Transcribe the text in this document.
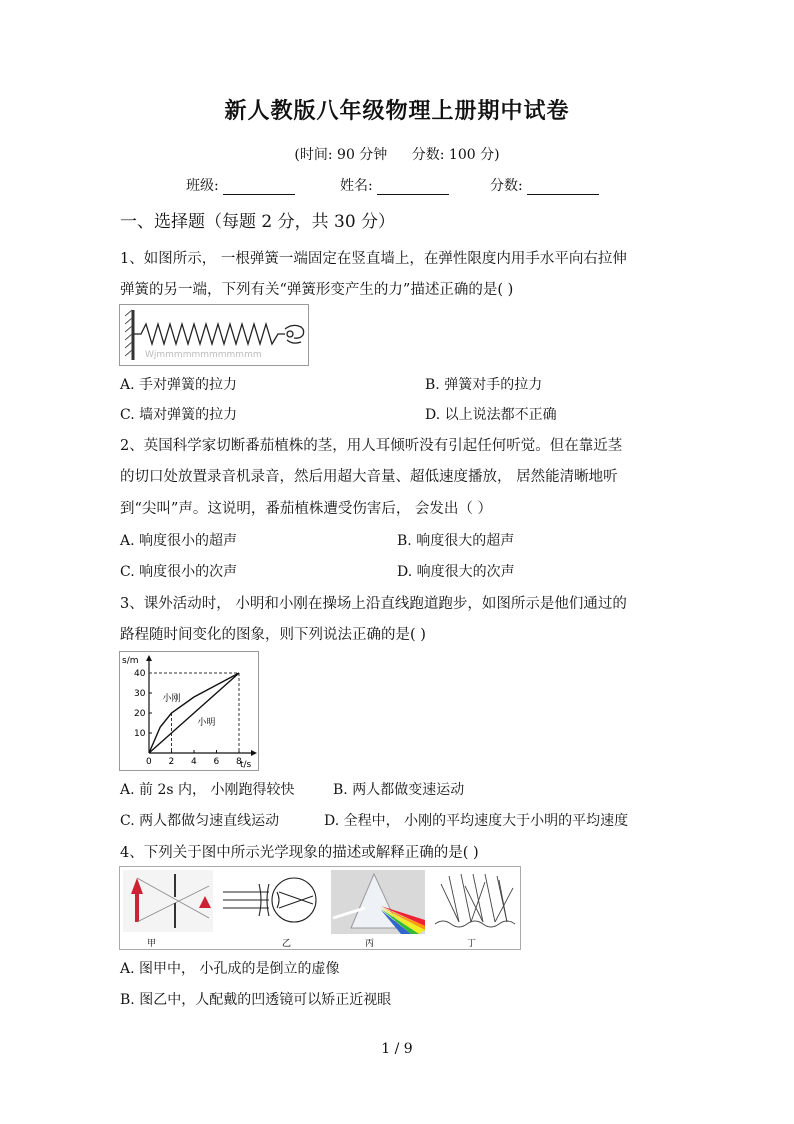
新人教版八年级物理上册期中试卷
(时间: 90 分钟 分数: 100 分)
班级:	姓名:	分数:
一、选择题（每题 2 分，共 30 分）
1、如图所示， 一根弹簧一端固定在竖直墙上，在弹性限度内用手水平向右拉伸
弹簧的另一端，下列有关“弹簧形变产生的力”描述正确的是( )
Wjmmmmmmmmmmmm
A. 手对弹簧的拉力	B. 弹簧对手的拉力
C. 墙对弹簧的拉力	D. 以上说法都不正确
2、英国科学家切断番茄植株的茎，用人耳倾听没有引起任何听觉。但在靠近茎
的切口处放置录音机录音，然后用超大音量、超低速度播放， 居然能清晰地听
到“尖叫”声。这说明，番茄植株遭受伤害后， 会发出（ ）
A. 响度很小的超声	B. 响度很大的超声
C. 响度很小的次声	D. 响度很大的次声
3、课外活动时， 小明和小刚在操场上沿直线跑道跑步，如图所示是他们通过的
路程随时间变化的图象，则下列说法正确的是( )
s/m
t/s
小刚
小明
0 2 4 6 8
10
20
30
40
A. 前 2s 内， 小刚跑得较快	B. 两人都做变速运动
C. 两人都做匀速直线运动	D. 全程中， 小刚的平均速度大于小明的平均速度
4、下列关于图中所示光学现象的描述或解释正确的是( )
甲	乙	丙	丁
A. 图甲中， 小孔成的是倒立的虚像
B. 图乙中，人配戴的凹透镜可以矫正近视眼
1 / 9
